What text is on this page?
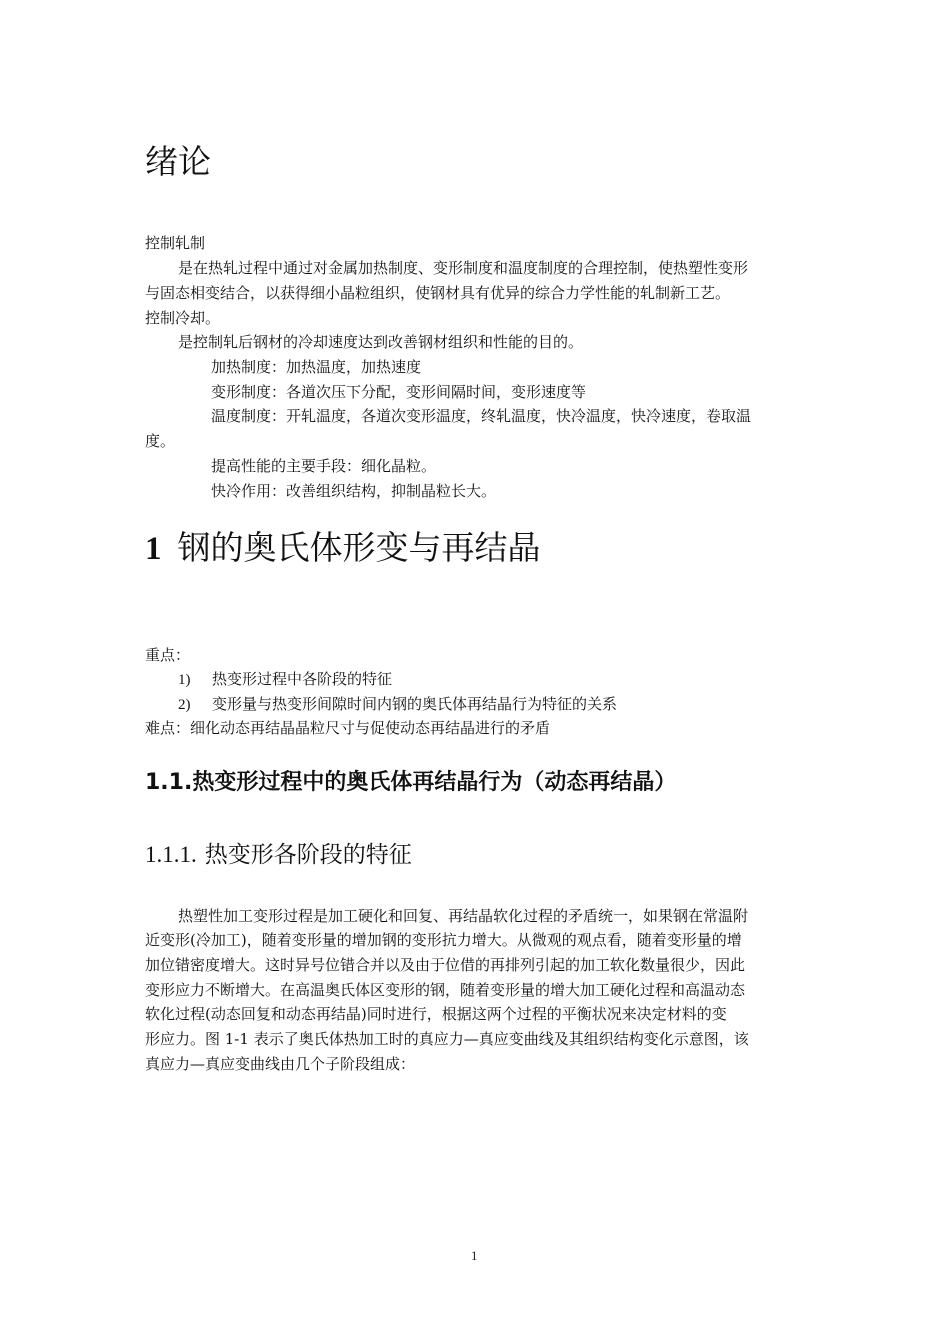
绪论
控制轧制
是在热轧过程中通过对金属加热制度、变形制度和温度制度的合理控制，使热塑性变形
与固态相变结合，以获得细小晶粒组织，使钢材具有优异的综合力学性能的轧制新工艺。
控制冷却。
是控制轧后钢材的冷却速度达到改善钢材组织和性能的目的。
加热制度：加热温度，加热速度
变形制度：各道次压下分配，变形间隔时间，变形速度等
温度制度：开轧温度，各道次变形温度，终轧温度，快冷温度，快冷速度，卷取温
度。
提高性能的主要手段：细化晶粒。
快冷作用：改善组织结构，抑制晶粒长大。
1 钢的奥氏体形变与再结晶
重点：
1) 热变形过程中各阶段的特征
2) 变形量与热变形间隙时间内钢的奥氏体再结晶行为特征的关系
难点：细化动态再结晶晶粒尺寸与促使动态再结晶进行的矛盾
1.1.热变形过程中的奥氏体再结晶行为（动态再结晶）
1.1.1. 热变形各阶段的特征
热塑性加工变形过程是加工硬化和回复、再结晶软化过程的矛盾统一，如果钢在常温附
近变形(冷加工)，随着变形量的增加钢的变形抗力增大。从微观的观点看，随着变形量的增
加位错密度增大。这时异号位错合并以及由于位借的再排列引起的加工软化数量很少，因此
变形应力不断增大。在高温奥氏体区变形的钢，随着变形量的增大加工硬化过程和高温动态
软化过程(动态回复和动态再结晶)同时进行，根据这两个过程的平衡状况来决定材料的变
形应力。图 1-1 表示了奥氏体热加工时的真应力—真应变曲线及其组织结构变化示意图，该
真应力—真应变曲线由几个子阶段组成：
1
